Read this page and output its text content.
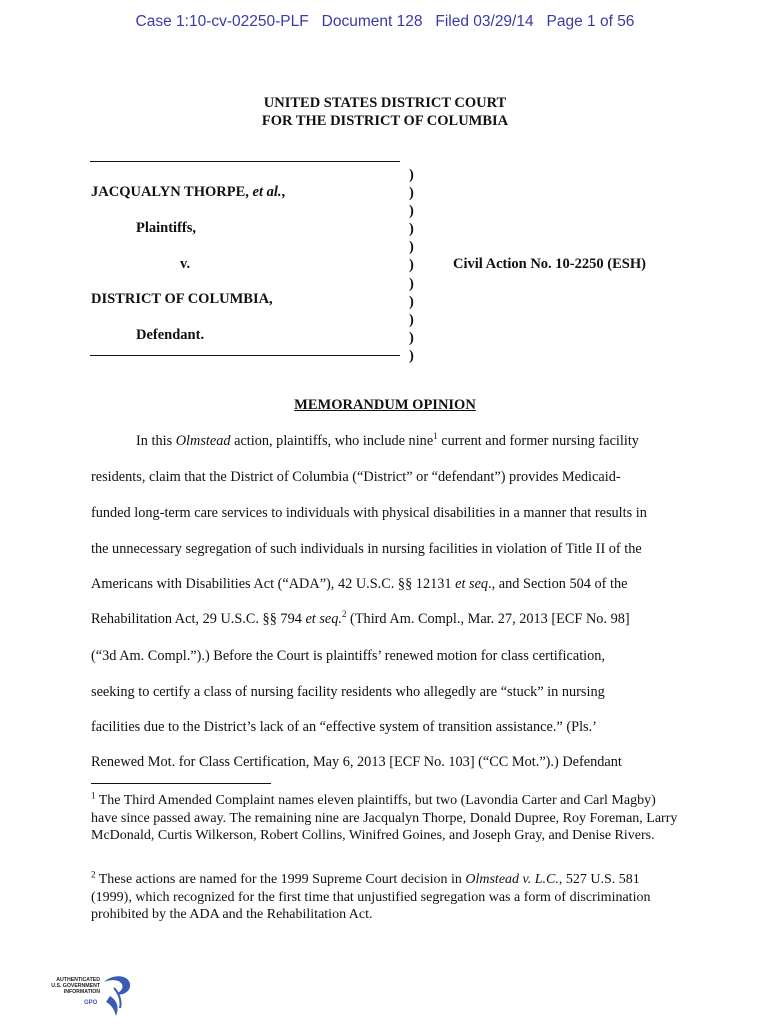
Case 1:10-cv-02250-PLF   Document 128   Filed 03/29/14   Page 1 of 56
UNITED STATES DISTRICT COURT
FOR THE DISTRICT OF COLUMBIA
JACQUALYN THORPE, et al.,
Plaintiffs,
v.
DISTRICT OF COLUMBIA,
Defendant.
)
)
)
)
)
)
)
)
)
)
)
Civil Action No. 10-2250 (ESH)
MEMORANDUM OPINION
In this Olmstead action, plaintiffs, who include nine$^1$ current and former nursing facility
residents, claim that the District of Columbia (“District” or “defendant”) provides Medicaid-
funded long-term care services to individuals with physical disabilities in a manner that results in
the unnecessary segregation of such individuals in nursing facilities in violation of Title II of the
Americans with Disabilities Act (“ADA”), 42 U.S.C. §§ 12131 et seq., and Section 504 of the
Rehabilitation Act, 29 U.S.C. §§ 794 et seq.$^2$ (Third Am. Compl., Mar. 27, 2013 [ECF No. 98]
(“3d Am. Compl.”).) Before the Court is plaintiffs’ renewed motion for class certification,
seeking to certify a class of nursing facility residents who allegedly are “stuck” in nursing
facilities due to the District’s lack of an “effective system of transition assistance.” (Pls.’
Renewed Mot. for Class Certification, May 6, 2013 [ECF No. 103] (“CC Mot.”).) Defendant
$^1$ The Third Amended Complaint names eleven plaintiffs, but two (Lavondia Carter and Carl Magby) have since passed away. The remaining nine are Jacqualyn Thorpe, Donald Dupree, Roy Foreman, Larry McDonald, Curtis Wilkerson, Robert Collins, Winifred Goines, and Joseph Gray, and Denise Rivers.
$^2$ These actions are named for the 1999 Supreme Court decision in Olmstead v. L.C., 527 U.S. 581 (1999), which recognized for the first time that unjustified segregation was a form of discrimination prohibited by the ADA and the Rehabilitation Act.
AUTHENTICATED
U.S. GOVERNMENT
INFORMATION
GPO
